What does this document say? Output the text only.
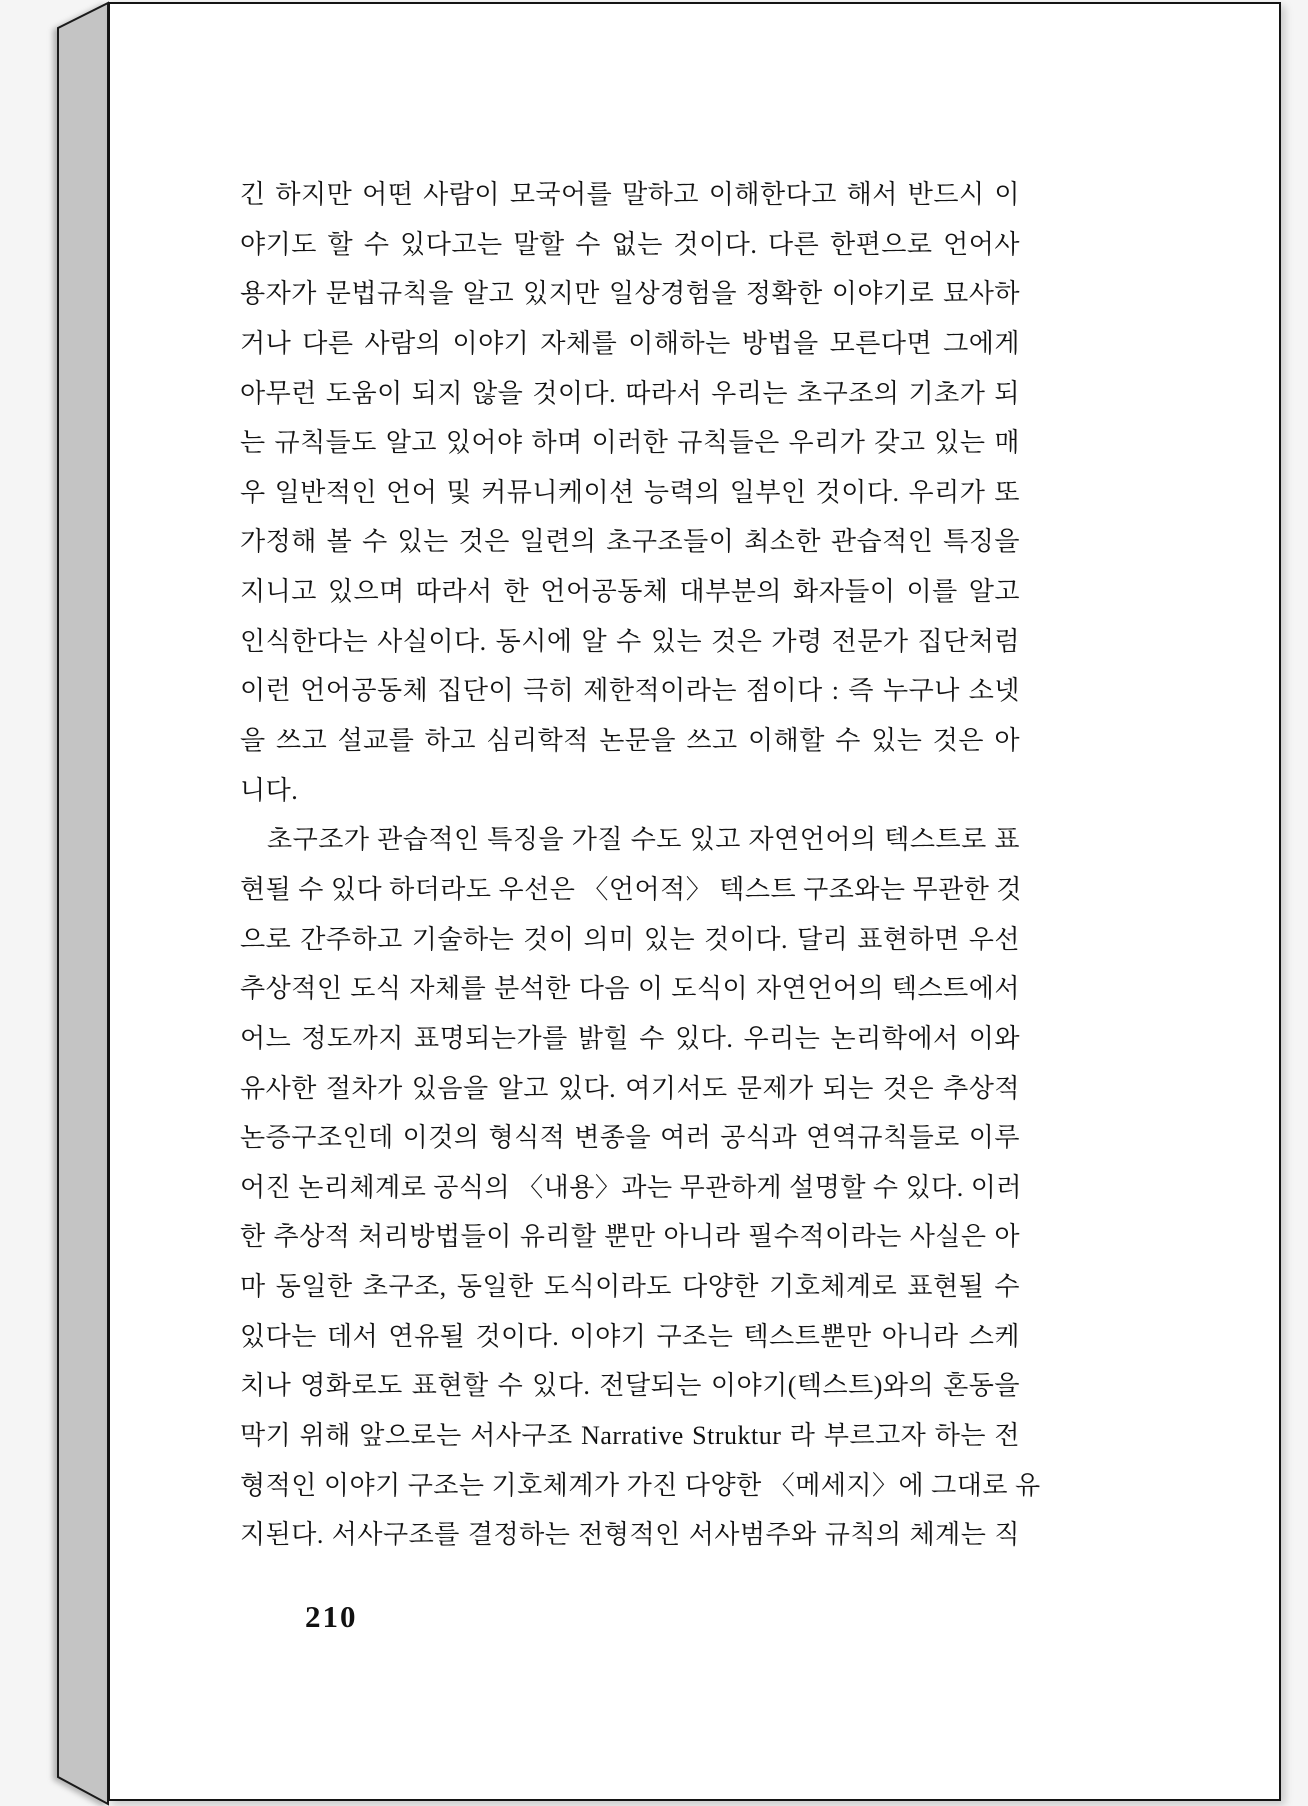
긴 하지만 어떤 사람이 모국어를 말하고 이해한다고 해서 반드시 이
야기도 할 수 있다고는 말할 수 없는 것이다. 다른 한편으로 언어사
용자가 문법규칙을 알고 있지만 일상경험을 정확한 이야기로 묘사하
거나 다른 사람의 이야기 자체를 이해하는 방법을 모른다면 그에게
아무런 도움이 되지 않을 것이다. 따라서 우리는 초구조의 기초가 되
는 규칙들도 알고 있어야 하며 이러한 규칙들은 우리가 갖고 있는 매
우 일반적인 언어 및 커뮤니케이션 능력의 일부인 것이다. 우리가 또
가정해 볼 수 있는 것은 일련의 초구조들이 최소한 관습적인 특징을
지니고 있으며 따라서 한 언어공동체 대부분의 화자들이 이를 알고
인식한다는 사실이다. 동시에 알 수 있는 것은 가령 전문가 집단처럼
이런 언어공동체 집단이 극히 제한적이라는 점이다 : 즉 누구나 소넷
을 쓰고 설교를 하고 심리학적 논문을 쓰고 이해할 수 있는 것은 아
니다.
초구조가 관습적인 특징을 가질 수도 있고 자연언어의 텍스트로 표
현될 수 있다 하더라도 우선은 〈언어적〉 텍스트 구조와는 무관한 것
으로 간주하고 기술하는 것이 의미 있는 것이다. 달리 표현하면 우선
추상적인 도식 자체를 분석한 다음 이 도식이 자연언어의 텍스트에서
어느 정도까지 표명되는가를 밝힐 수 있다. 우리는 논리학에서 이와
유사한 절차가 있음을 알고 있다. 여기서도 문제가 되는 것은 추상적
논증구조인데 이것의 형식적 변종을 여러 공식과 연역규칙들로 이루
어진 논리체계로 공식의 〈내용〉과는 무관하게 설명할 수 있다. 이러
한 추상적 처리방법들이 유리할 뿐만 아니라 필수적이라는 사실은 아
마 동일한 초구조, 동일한 도식이라도 다양한 기호체계로 표현될 수
있다는 데서 연유될 것이다. 이야기 구조는 텍스트뿐만 아니라 스케
치나 영화로도 표현할 수 있다. 전달되는 이야기(텍스트)와의 혼동을
막기 위해 앞으로는 서사구조 Narrative Struktur 라 부르고자 하는 전
형적인 이야기 구조는 기호체계가 가진 다양한 〈메세지〉에 그대로 유
지된다. 서사구조를 결정하는 전형적인 서사범주와 규칙의 체계는 직
210
